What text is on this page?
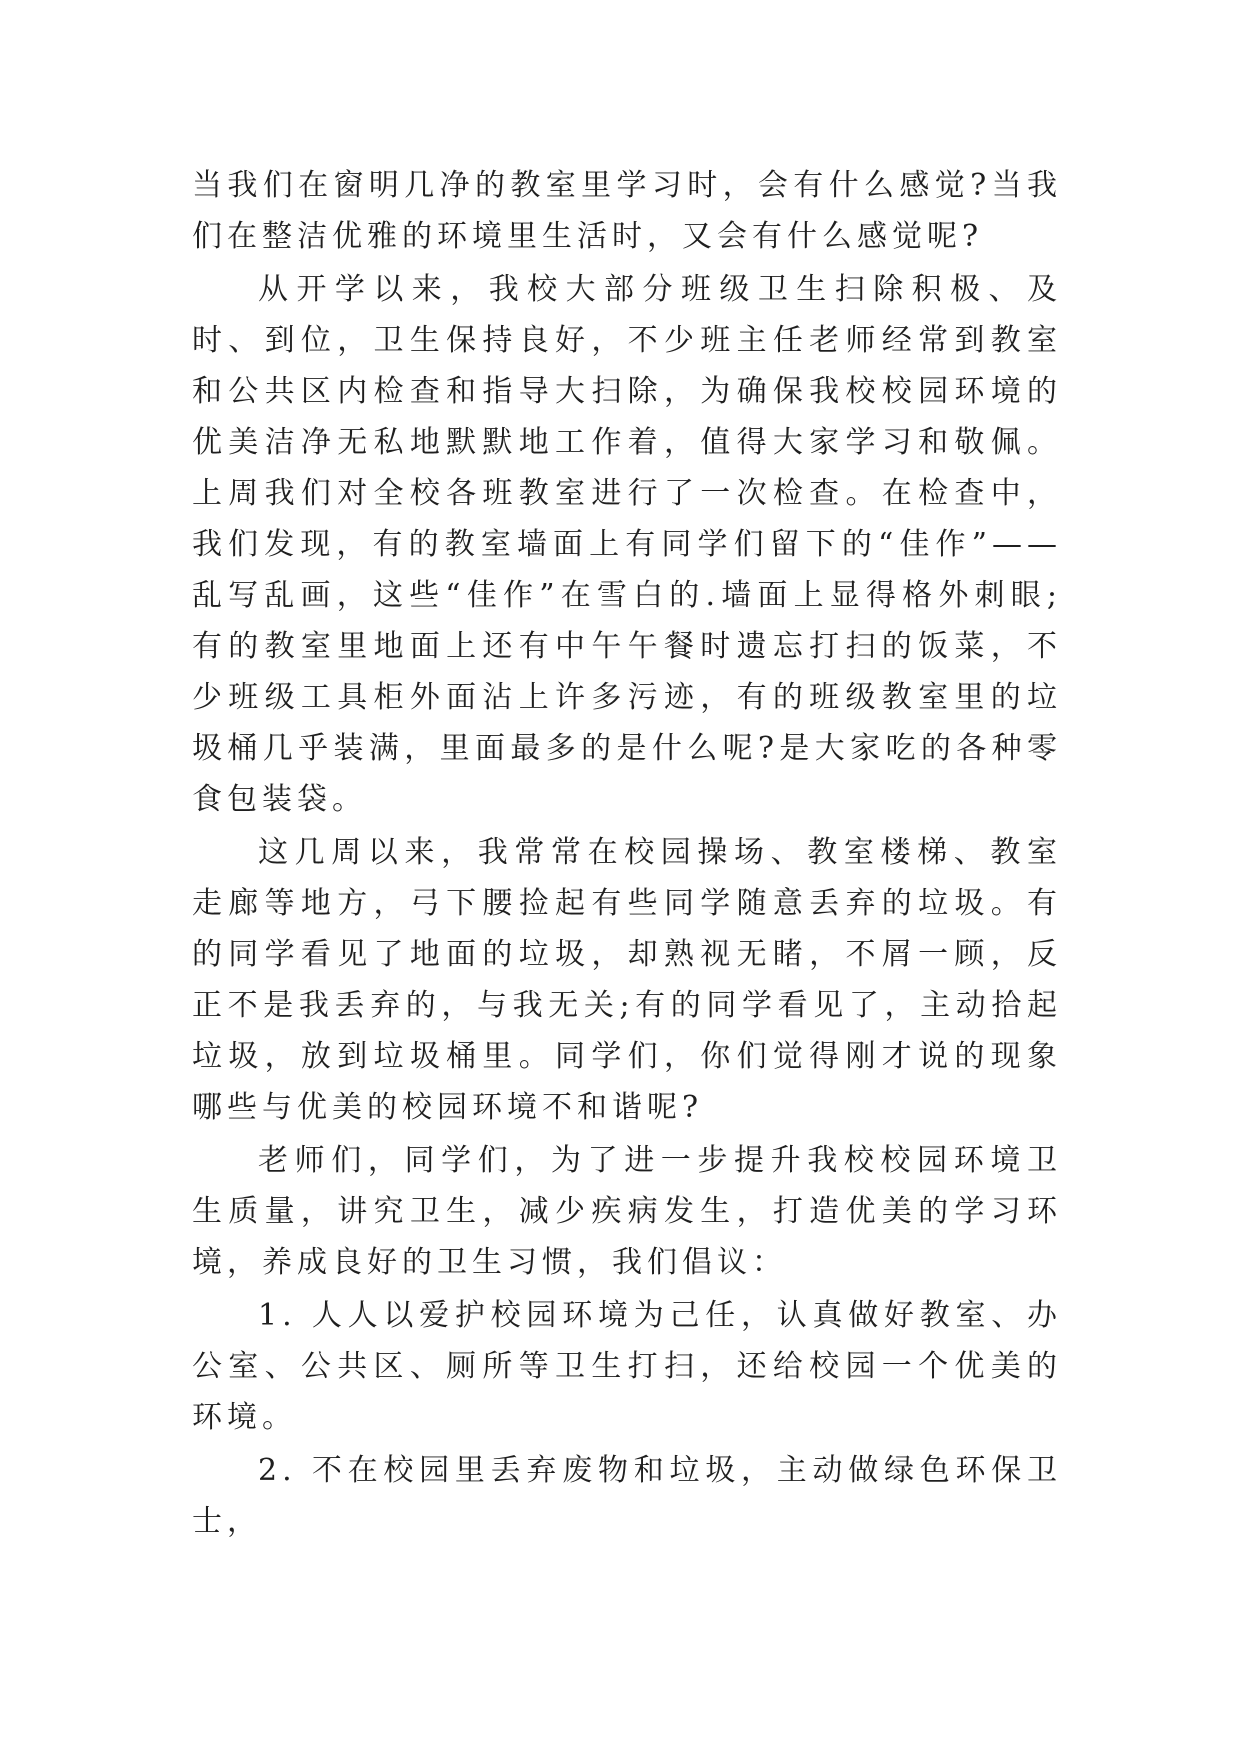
当我们在窗明几净的教室里学习时，会有什么感觉?当我们在整洁优雅的环境里生活时，又会有什么感觉呢?

从开学以来，我校大部分班级卫生扫除积极、及时、到位，卫生保持良好，不少班主任老师经常到教室和公共区内检查和指导大扫除，为确保我校校园环境的优美洁净无私地默默地工作着，值得大家学习和敬佩。上周我们对全校各班教室进行了一次检查。在检查中，我们发现，有的教室墙面上有同学们留下的“佳作”——乱写乱画，这些“佳作”在雪白的.墙面上显得格外刺眼;有的教室里地面上还有中午午餐时遗忘打扫的饭菜，不少班级工具柜外面沾上许多污迹，有的班级教室里的垃圾桶几乎装满，里面最多的是什么呢?是大家吃的各种零食包装袋。

这几周以来，我常常在校园操场、教室楼梯、教室走廊等地方，弓下腰捡起有些同学随意丢弃的垃圾。有的同学看见了地面的垃圾，却熟视无睹，不屑一顾，反正不是我丢弃的，与我无关;有的同学看见了，主动拾起垃圾，放到垃圾桶里。同学们，你们觉得刚才说的现象哪些与优美的校园环境不和谐呢?

老师们，同学们，为了进一步提升我校校园环境卫生质量，讲究卫生，减少疾病发生，打造优美的学习环境，养成良好的卫生习惯，我们倡议：

1. 人人以爱护校园环境为己任，认真做好教室、办公室、公共区、厕所等卫生打扫，还给校园一个优美的环境。

2. 不在校园里丢弃废物和垃圾，主动做绿色环保卫士，
